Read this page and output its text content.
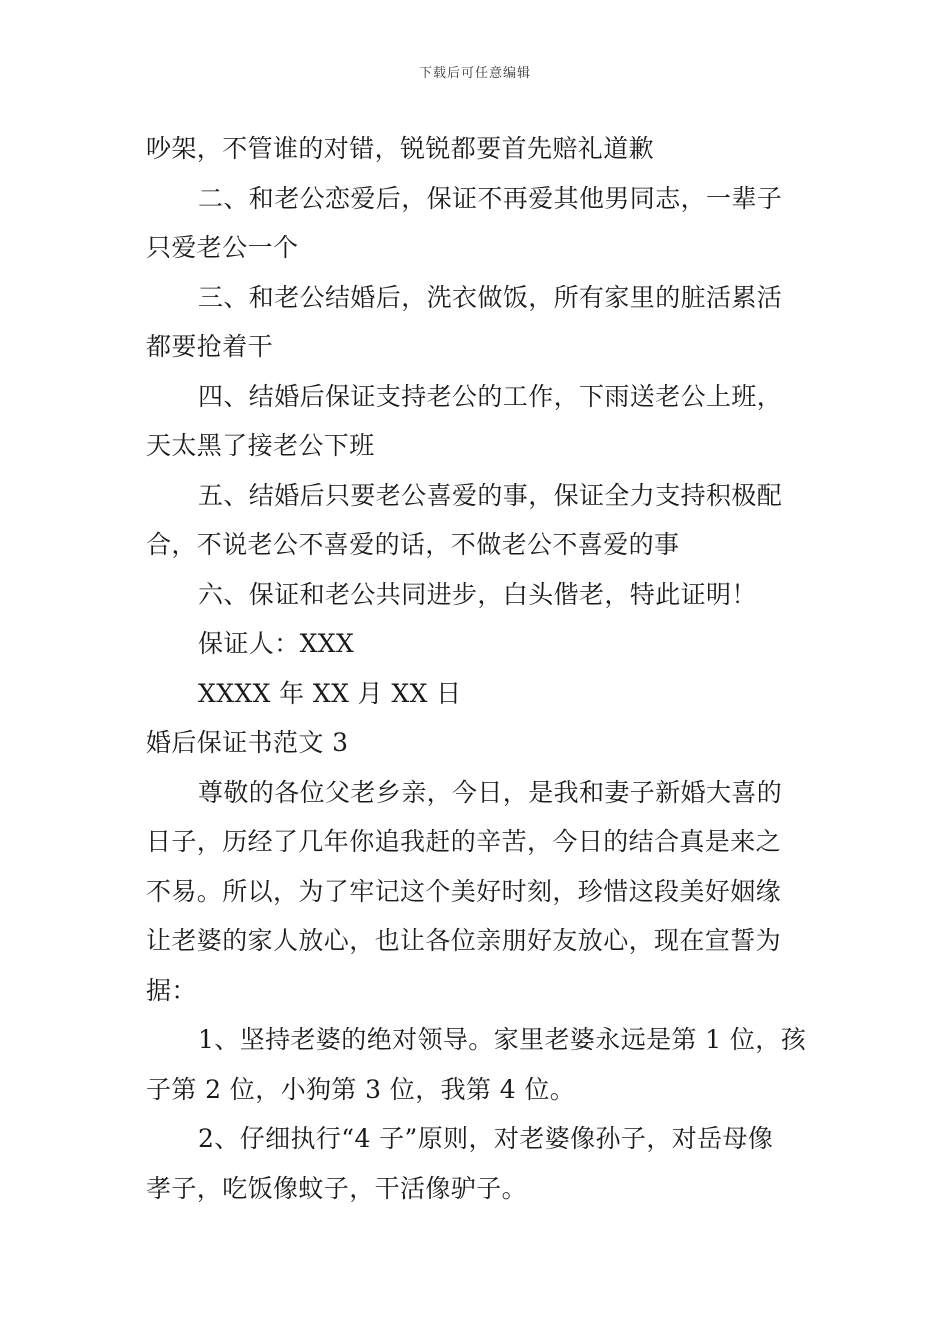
下载后可任意编辑
吵架，不管谁的对错，锐锐都要首先赔礼道歉
二、和老公恋爱后，保证不再爱其他男同志，一辈子
只爱老公一个
三、和老公结婚后，洗衣做饭，所有家里的脏活累活
都要抢着干
四、结婚后保证支持老公的工作，下雨送老公上班，
天太黑了接老公下班
五、结婚后只要老公喜爱的事，保证全力支持积极配
合，不说老公不喜爱的话，不做老公不喜爱的事
六、保证和老公共同进步，白头偕老，特此证明！
保证人：XXX
XXXX 年 XX 月 XX 日
婚后保证书范文 3
尊敬的各位父老乡亲，今日，是我和妻子新婚大喜的
日子，历经了几年你追我赶的辛苦，今日的结合真是来之
不易。所以，为了牢记这个美好时刻，珍惜这段美好姻缘
让老婆的家人放心，也让各位亲朋好友放心，现在宣誓为
据：
1、坚持老婆的绝对领导。家里老婆永远是第 1 位，孩
子第 2 位，小狗第 3 位，我第 4 位。
2、仔细执行“4 子”原则，对老婆像孙子，对岳母像
孝子，吃饭像蚊子，干活像驴子。
